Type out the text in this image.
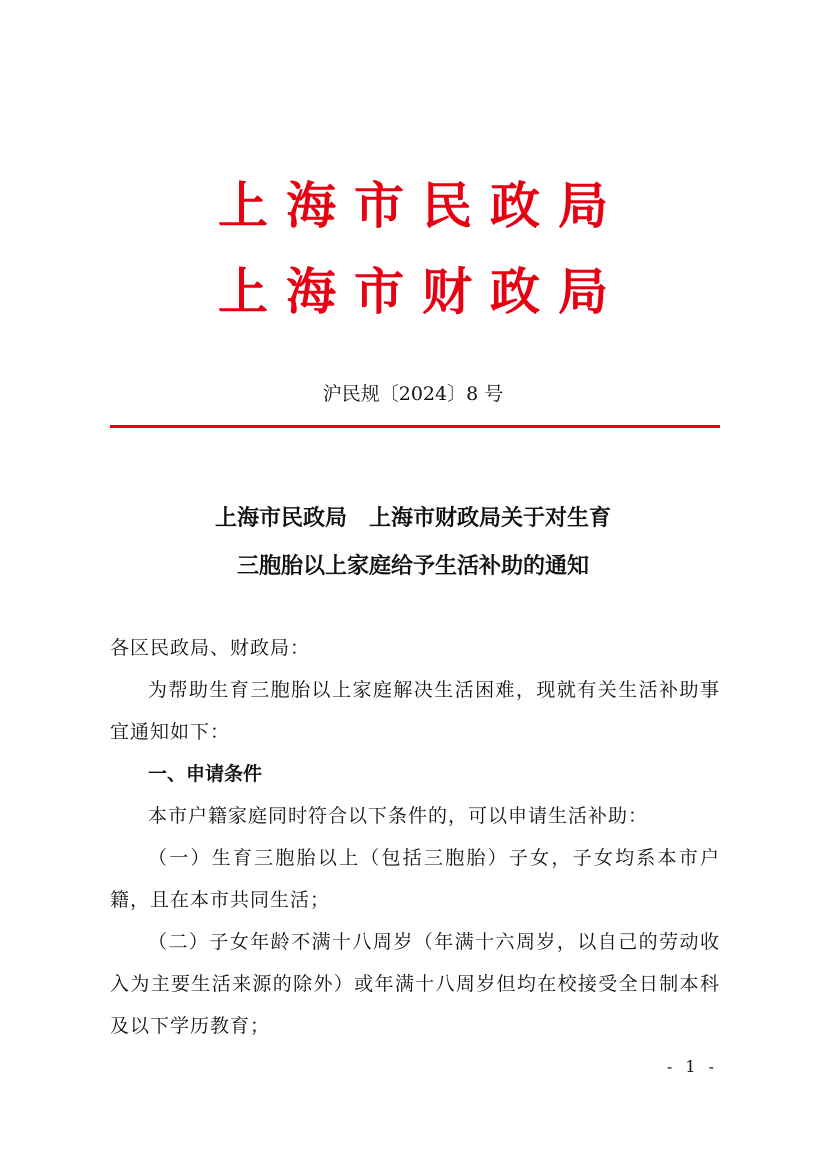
上海市民政局
上海市财政局
沪民规〔2024〕8 号
上海市民政局　上海市财政局关于对生育
三胞胎以上家庭给予生活补助的通知

各区民政局、财政局：

为帮助生育三胞胎以上家庭解决生活困难，现就有关生活补助事宜通知如下：

一、申请条件

本市户籍家庭同时符合以下条件的，可以申请生活补助：

（一）生育三胞胎以上（包括三胞胎）子女，子女均系本市户籍，且在本市共同生活；

（二）子女年龄不满十八周岁（年满十六周岁，以自己的劳动收入为主要生活来源的除外）或年满十八周岁但均在校接受全日制本科及以下学历教育；

- 1 -
